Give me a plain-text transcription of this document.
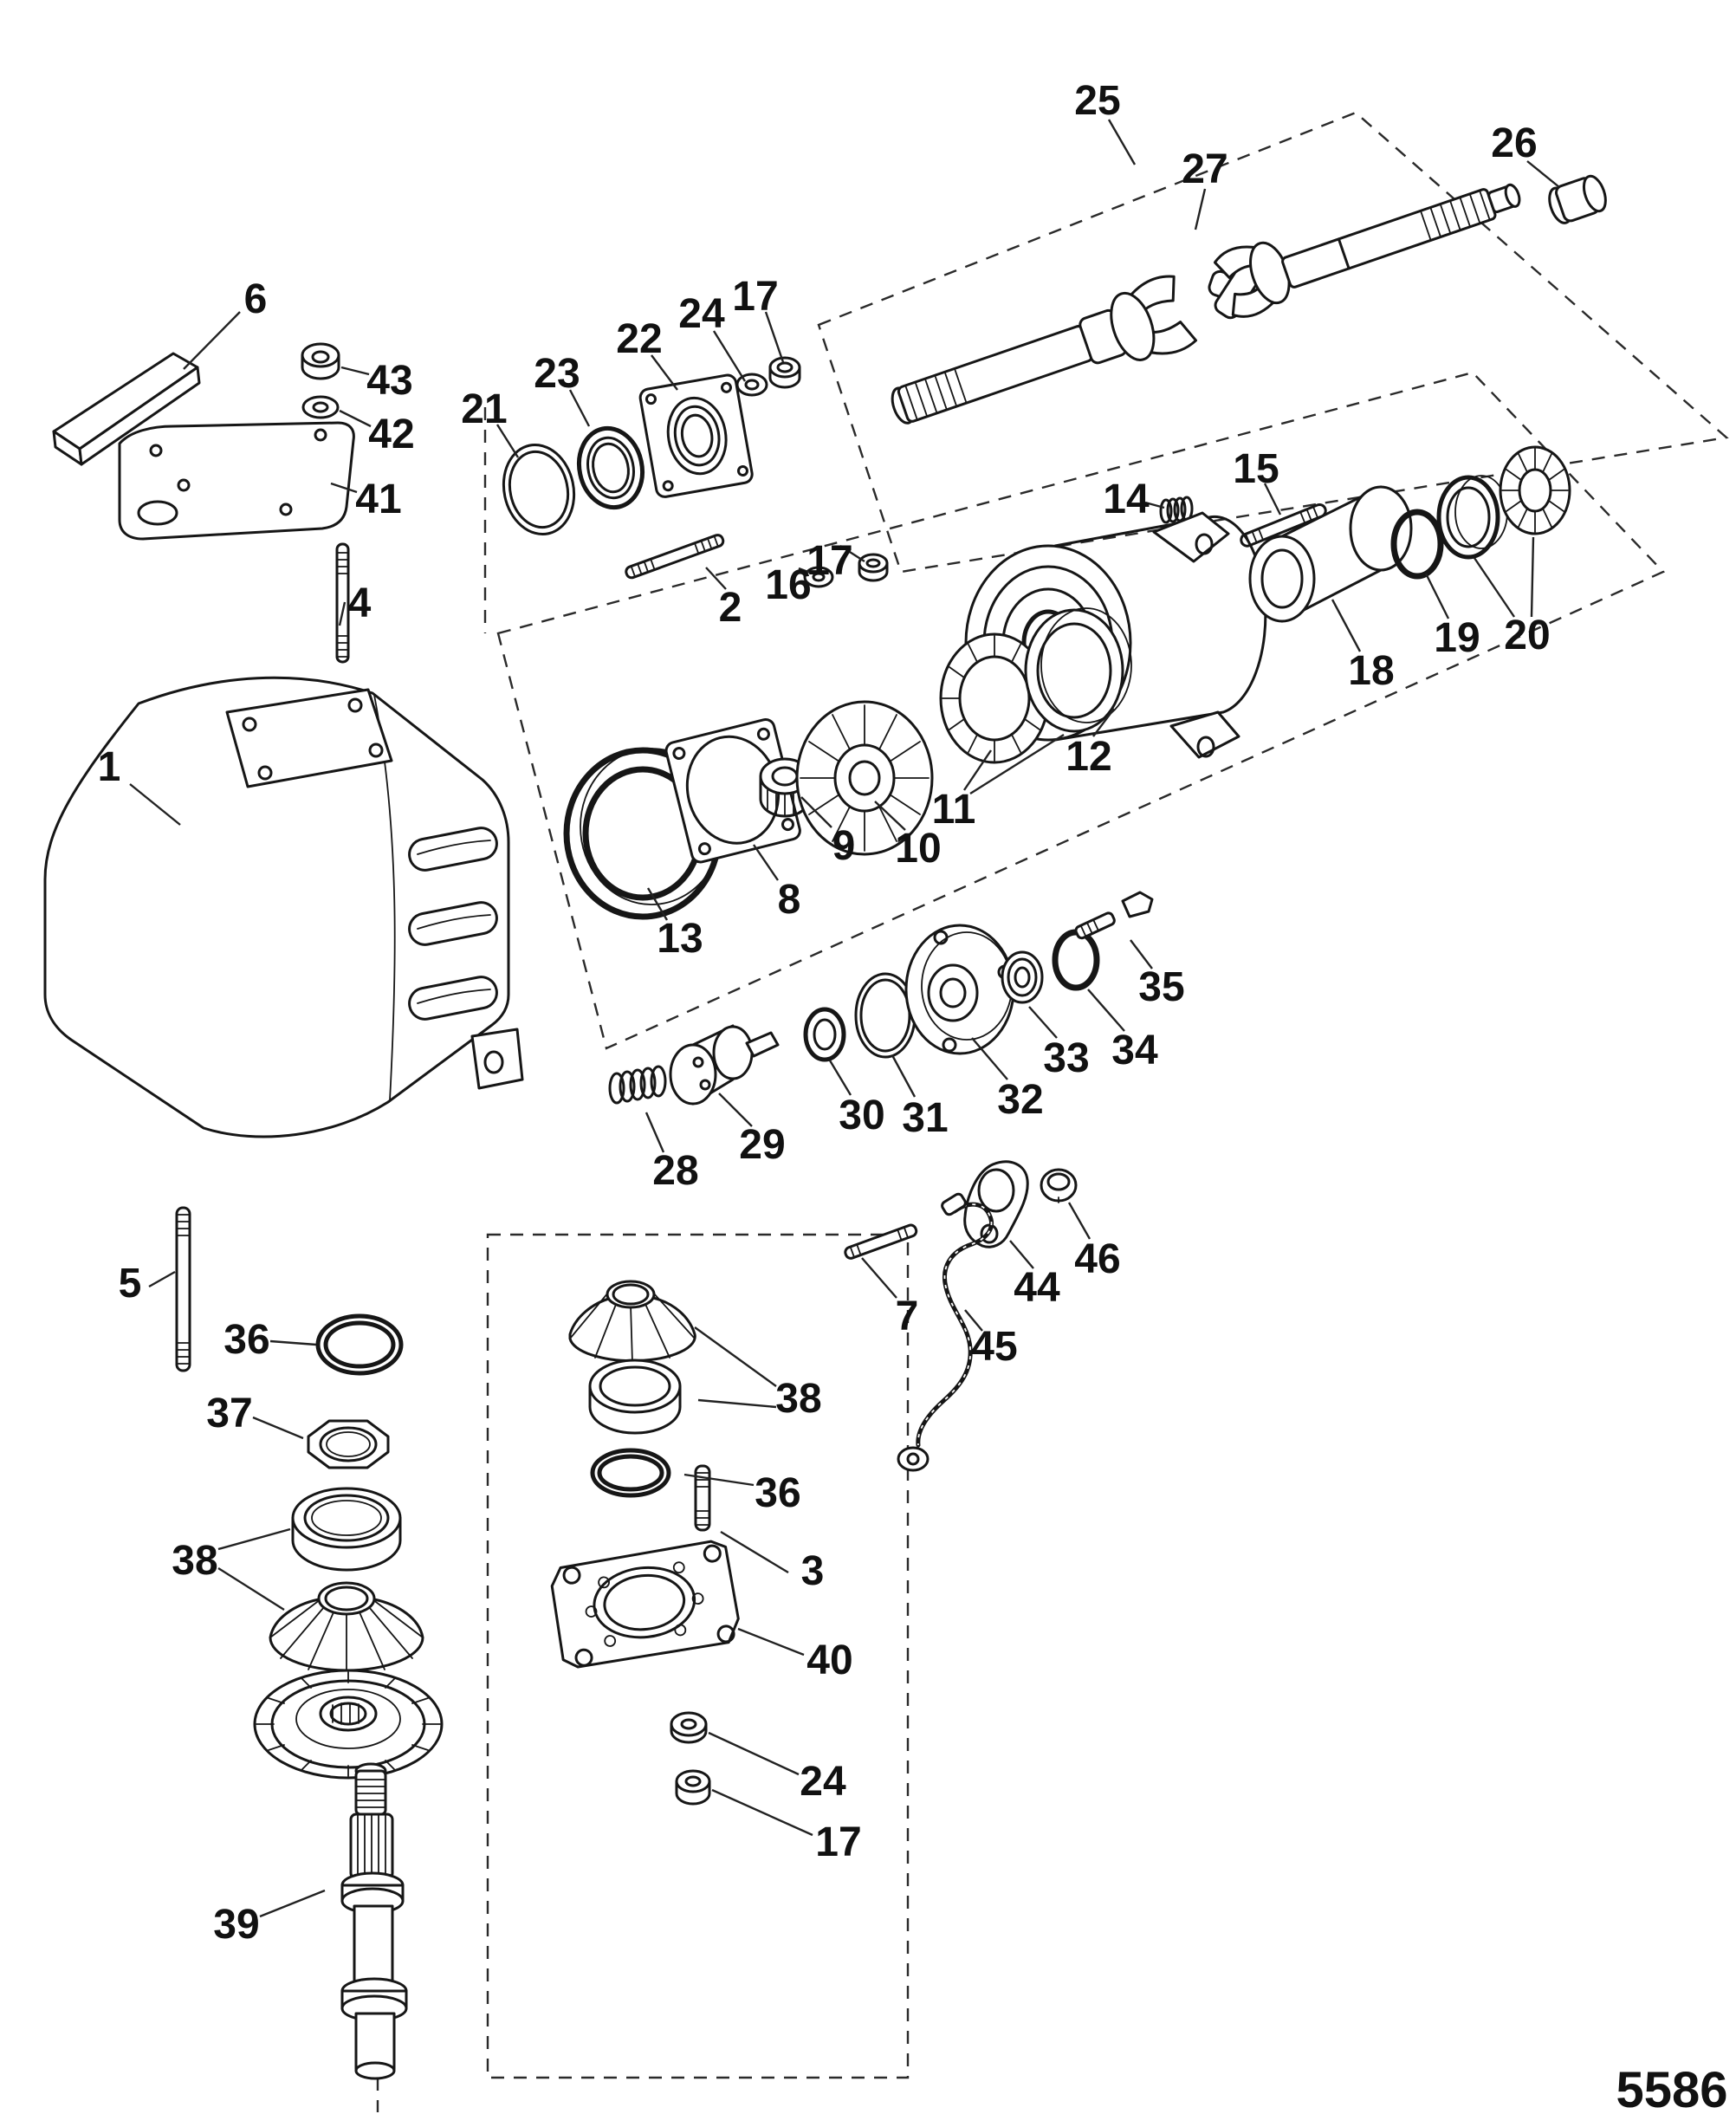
1
2
3
4
5
6
7
8
9 10
11
12
13
14
15
16
17
17
17
18
19 20
21
22
23
24
24
25
26
27
28
29
30 31 32
33 34
35
36
36
37
38
38
39
40
41
42
43
44
45
46
5586
